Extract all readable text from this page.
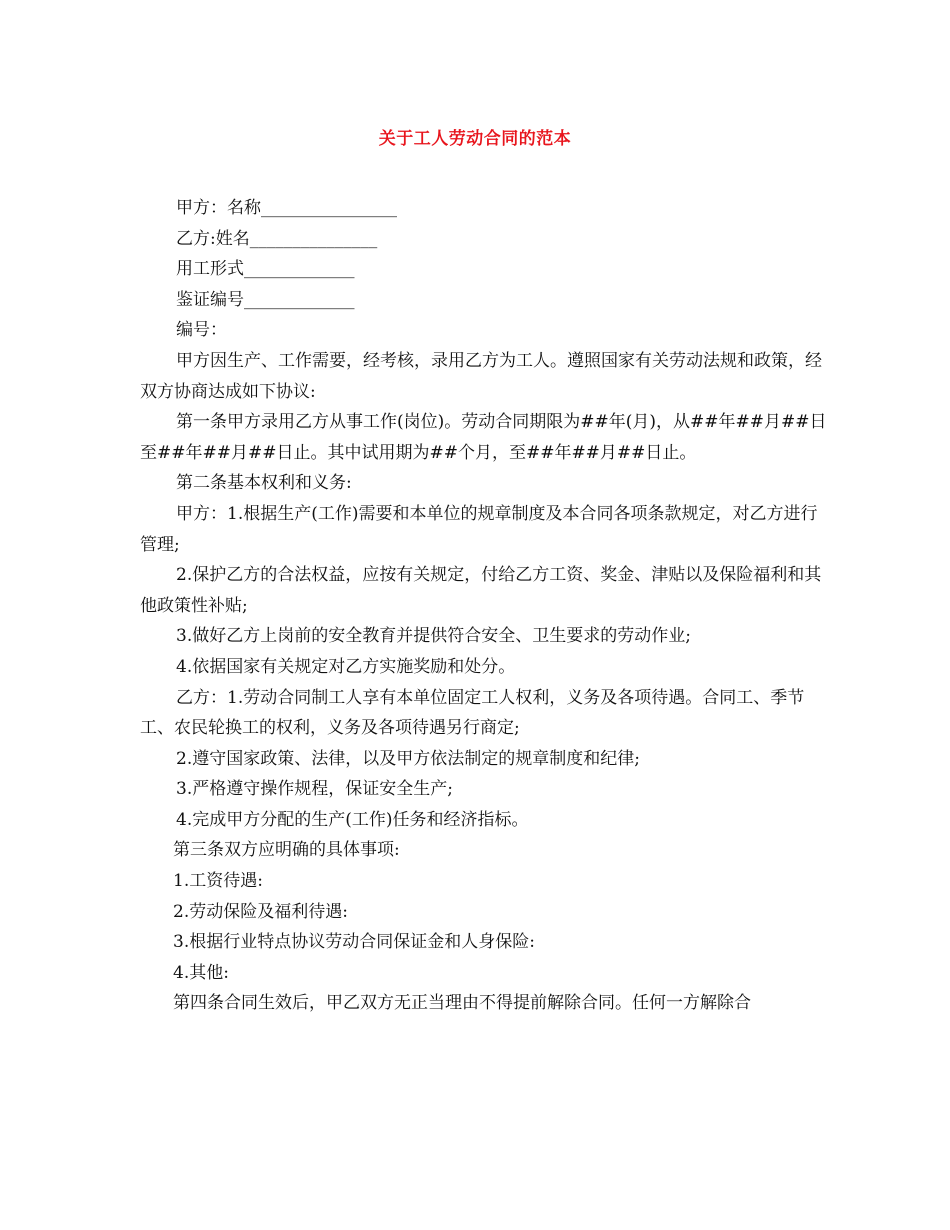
关于工人劳动合同的范本

甲方：名称________________

乙方:姓名_______________

用工形式_____________

鉴证编号_____________

编号：

甲方因生产、工作需要，经考核，录用乙方为工人。遵照国家有关劳动法规和政策，经双方协商达成如下协议:

第一条甲方录用乙方从事工作(岗位)。劳动合同期限为##年(月)，从##年##月##日至##年##月##日止。其中试用期为##个月，至##年##月##日止。

第二条基本权利和义务:

甲方：1.根据生产(工作)需要和本单位的规章制度及本合同各项条款规定，对乙方进行管理;

2.保护乙方的合法权益，应按有关规定，付给乙方工资、奖金、津贴以及保险福利和其他政策性补贴;

3.做好乙方上岗前的安全教育并提供符合安全、卫生要求的劳动作业;

4.依据国家有关规定对乙方实施奖励和处分。

乙方：1.劳动合同制工人享有本单位固定工人权利，义务及各项待遇。合同工、季节工、农民轮换工的权利，义务及各项待遇另行商定;

2.遵守国家政策、法律，以及甲方依法制定的规章制度和纪律;

3.严格遵守操作规程，保证安全生产;

4.完成甲方分配的生产(工作)任务和经济指标。

第三条双方应明确的具体事项:

1.工资待遇:

2.劳动保险及福利待遇:

3.根据行业特点协议劳动合同保证金和人身保险:

4.其他:

第四条合同生效后，甲乙双方无正当理由不得提前解除合同。任何一方解除合
